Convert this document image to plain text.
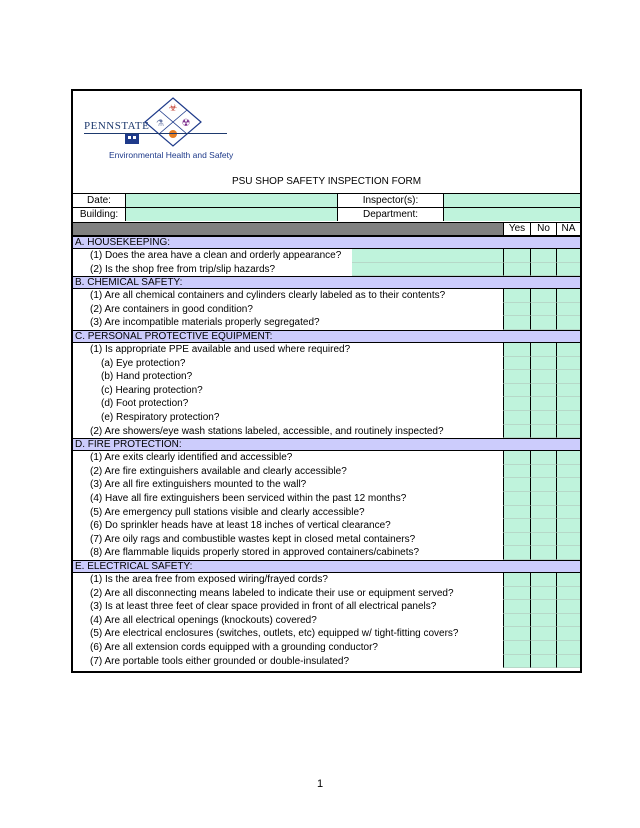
☣
⚗ ☢
PENNSTATE
Environmental Health and Safety
PSU SHOP SAFETY INSPECTION FORM
Date:	Inspector(s):
Building:	Department:
Yes	No	NA
A. HOUSEKEEPING:
(1) Does the area have a clean and orderly appearance?
(2) Is the shop free from trip/slip hazards?
B. CHEMICAL SAFETY:
(1) Are all chemical containers and cylinders clearly labeled as to their contents?
(2) Are containers in good condition?
(3) Are incompatible materials properly segregated?
C. PERSONAL PROTECTIVE EQUIPMENT:
(1) Is appropriate PPE available and used where required?
(a) Eye protection?
(b) Hand protection?
(c) Hearing protection?
(d) Foot protection?
(e) Respiratory protection?
(2) Are showers/eye wash stations labeled, accessible, and routinely inspected?
D. FIRE PROTECTION:
(1) Are exits clearly identified and accessible?
(2) Are fire extinguishers available and clearly accessible?
(3) Are all fire extinguishers mounted to the wall?
(4) Have all fire extinguishers been serviced within the past 12 months?
(5) Are emergency pull stations visible and clearly accessible?
(6) Do sprinkler heads have at least 18 inches of vertical clearance?
(7) Are oily rags and combustible wastes kept in closed metal containers?
(8) Are flammable liquids properly stored in approved containers/cabinets?
E. ELECTRICAL SAFETY:
(1) Is the area free from exposed wiring/frayed cords?
(2) Are all disconnecting means labeled to indicate their use or equipment served?
(3) Is at least three feet of clear space provided in front of all electrical panels?
(4) Are all electrical openings (knockouts) covered?
(5) Are electrical enclosures (switches, outlets, etc) equipped w/ tight-fitting covers?
(6) Are all extension cords equipped with a grounding conductor?
(7) Are portable tools either grounded or double-insulated?
1
